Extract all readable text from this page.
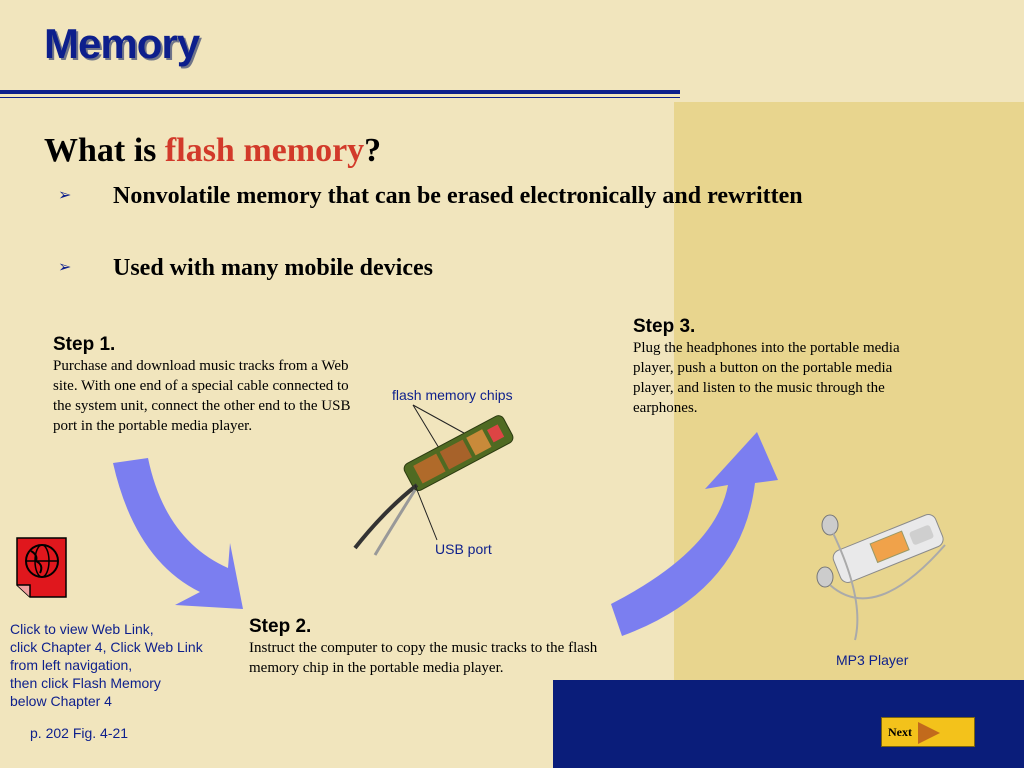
Memory
What is flash memory?
➢ Nonvolatile memory that can be erased electronically and rewritten
➢ Used with many mobile devices
Step 1.
Purchase and download music tracks from a Web site. With one end of a special cable connected to the system unit, connect the other end to the USB port in the portable media player.
Step 2.
Instruct the computer to copy the music tracks to the flash memory chip in the portable media player.
Step 3.
Plug the headphones into the portable media player, push a button on the portable media player, and listen to the music through the earphones.
flash memory chips
USB port
MP3 Player
Click to view Web Link,
click Chapter 4, Click Web Link
from left navigation,
then click Flash Memory
below Chapter 4
p. 202 Fig. 4-21	Next
